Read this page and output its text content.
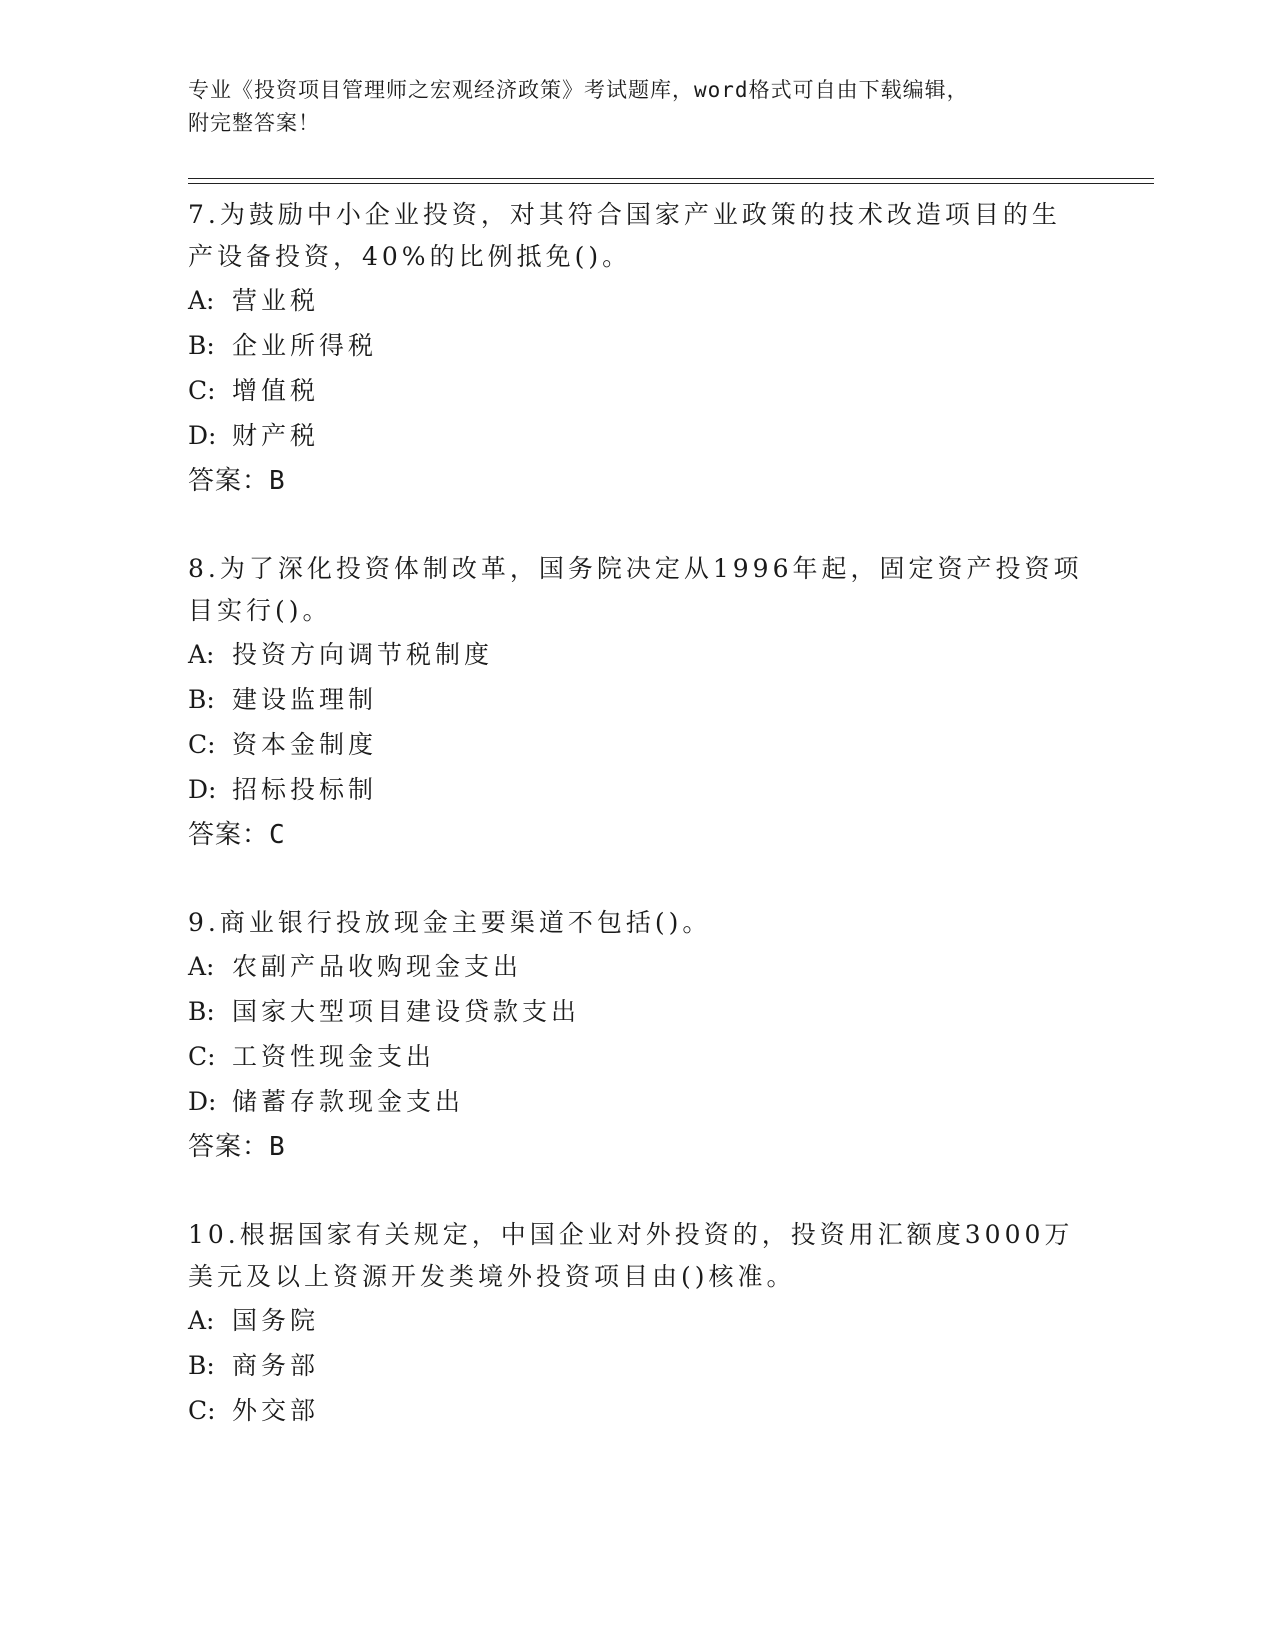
专业《投资项目管理师之宏观经济政策》考试题库，word格式可自由下载编辑，
附完整答案！

7.为鼓励中小企业投资，对其符合国家产业政策的技术改造项目的生
产设备投资，40%的比例抵免()。

A: 营业税

B: 企业所得税

C: 增值税

D: 财产税

答案：B

8.为了深化投资体制改革，国务院决定从1996年起，固定资产投资项
目实行()。

A: 投资方向调节税制度

B: 建设监理制

C: 资本金制度

D: 招标投标制

答案：C

9.商业银行投放现金主要渠道不包括()。

A: 农副产品收购现金支出

B: 国家大型项目建设贷款支出

C: 工资性现金支出

D: 储蓄存款现金支出

答案：B

10.根据国家有关规定，中国企业对外投资的，投资用汇额度3000万
美元及以上资源开发类境外投资项目由()核准。

A: 国务院

B: 商务部

C: 外交部
